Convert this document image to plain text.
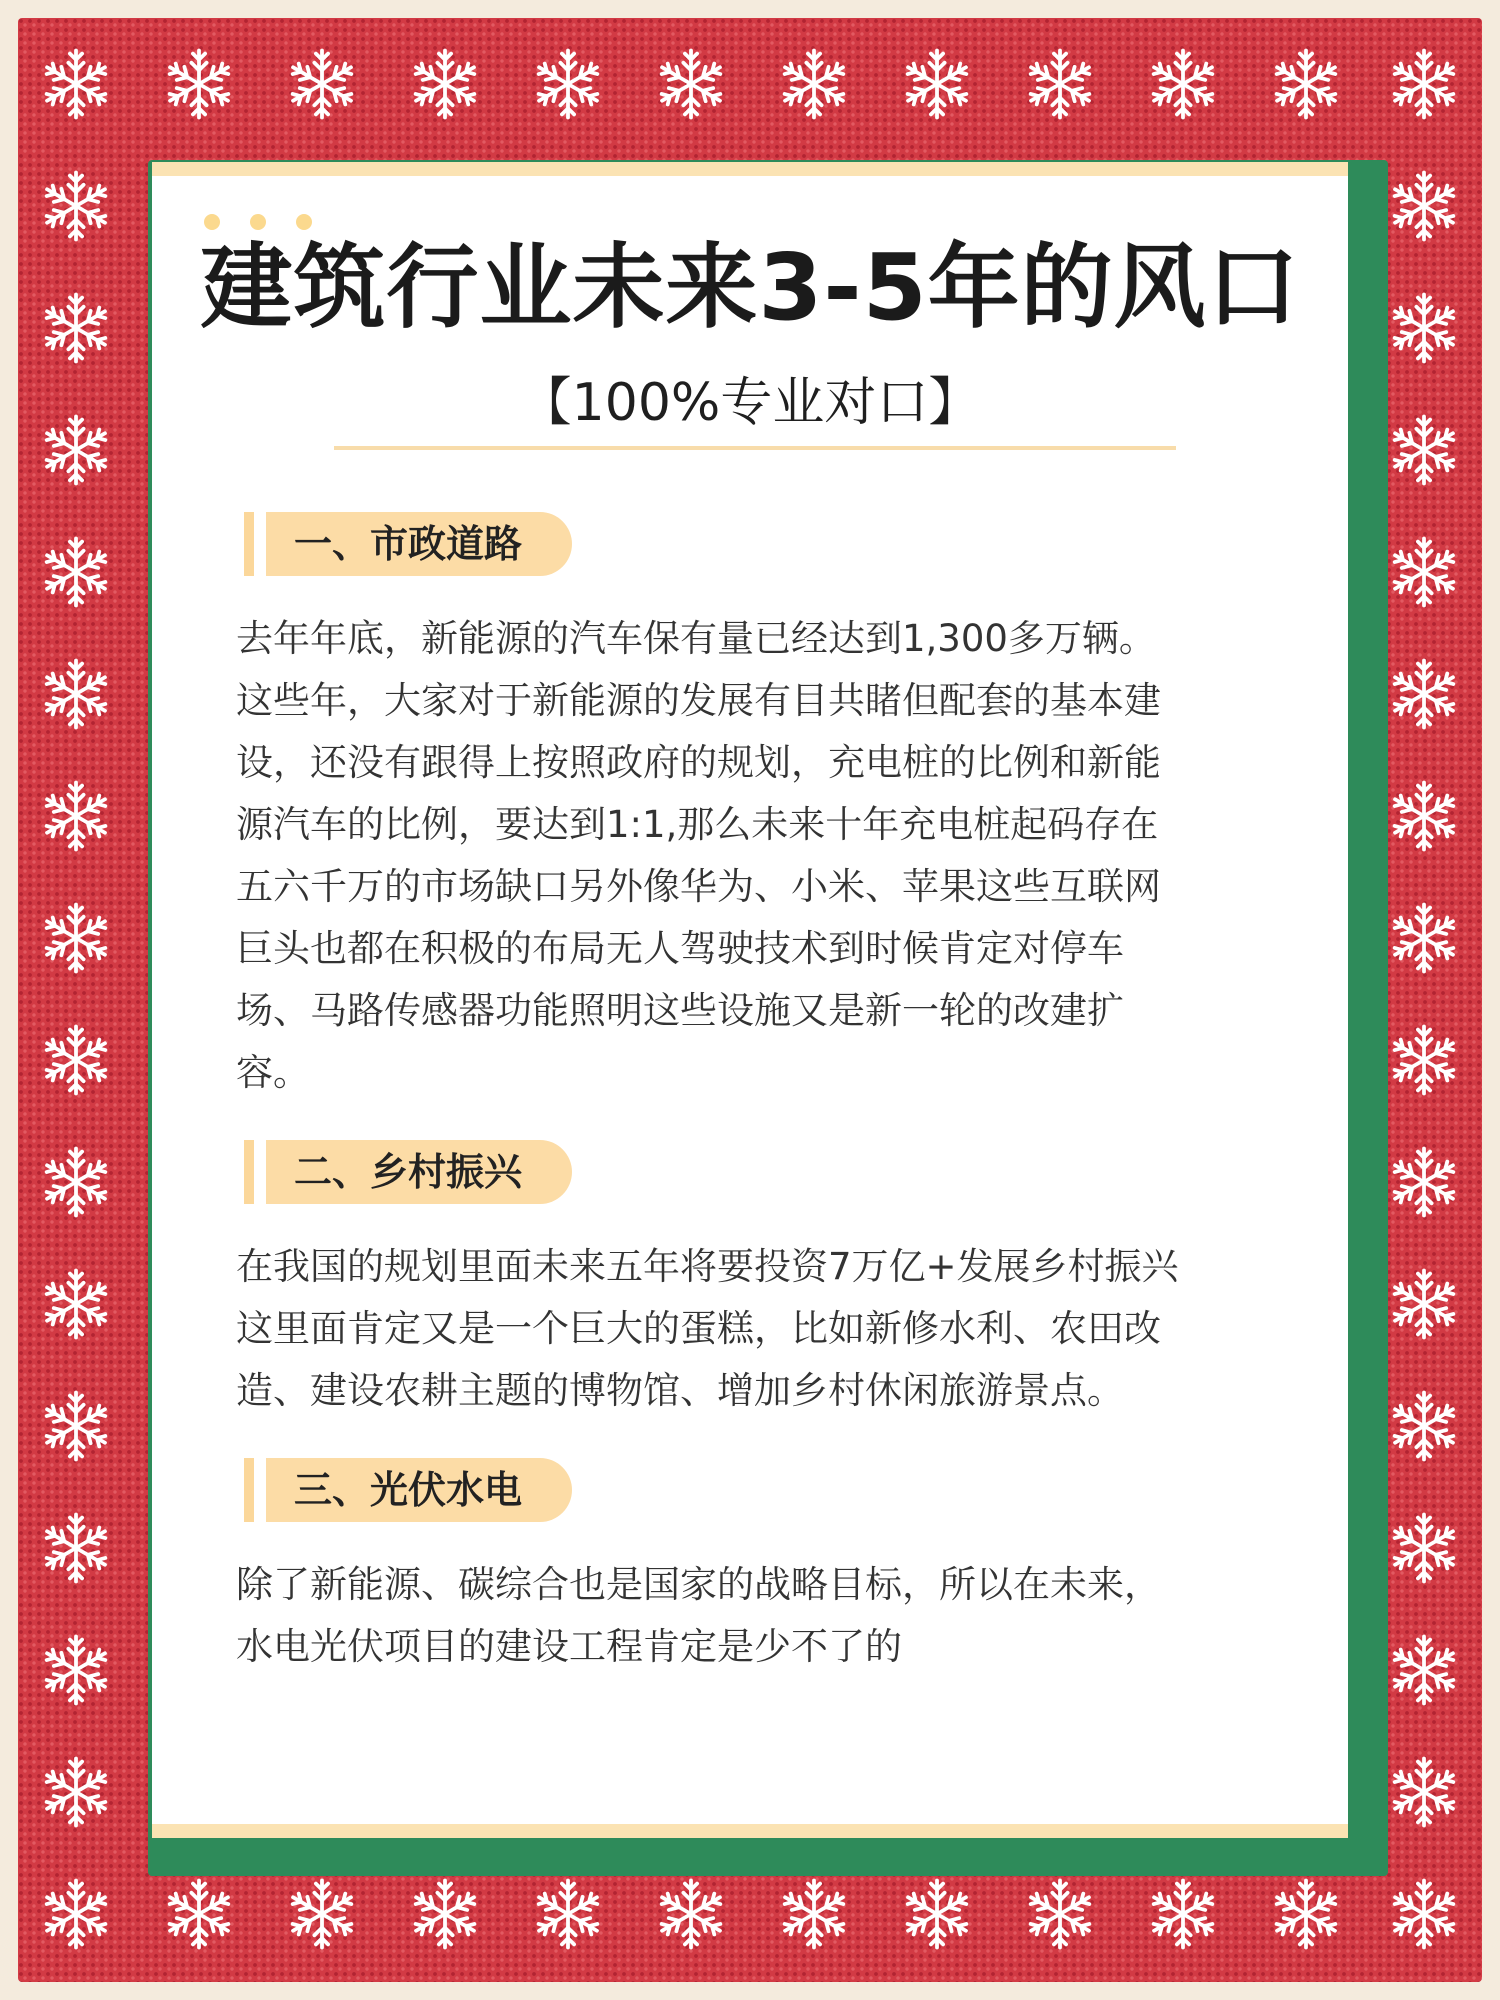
建筑行业未来3-5年的风口
【100%专业对口】
一、市政道路
去年年底，新能源的汽车保有量已经达到1,300多万辆。
这些年，大家对于新能源的发展有目共睹但配套的基本建
设，还没有跟得上按照政府的规划，充电桩的比例和新能
源汽车的比例，要达到1:1,那么未来十年充电桩起码存在
五六千万的市场缺口另外像华为、小米、苹果这些互联网
巨头也都在积极的布局无人驾驶技术到时候肯定对停车
场、马路传感器功能照明这些设施又是新一轮的改建扩
容。
二、乡村振兴
在我国的规划里面未来五年将要投资7万亿+发展乡村振兴
这里面肯定又是一个巨大的蛋糕，比如新修水利、农田改
造、建设农耕主题的博物馆、增加乡村休闲旅游景点。
三、光伏水电
除了新能源、碳综合也是国家的战略目标，所以在未来，
水电光伏项目的建设工程肯定是少不了的
